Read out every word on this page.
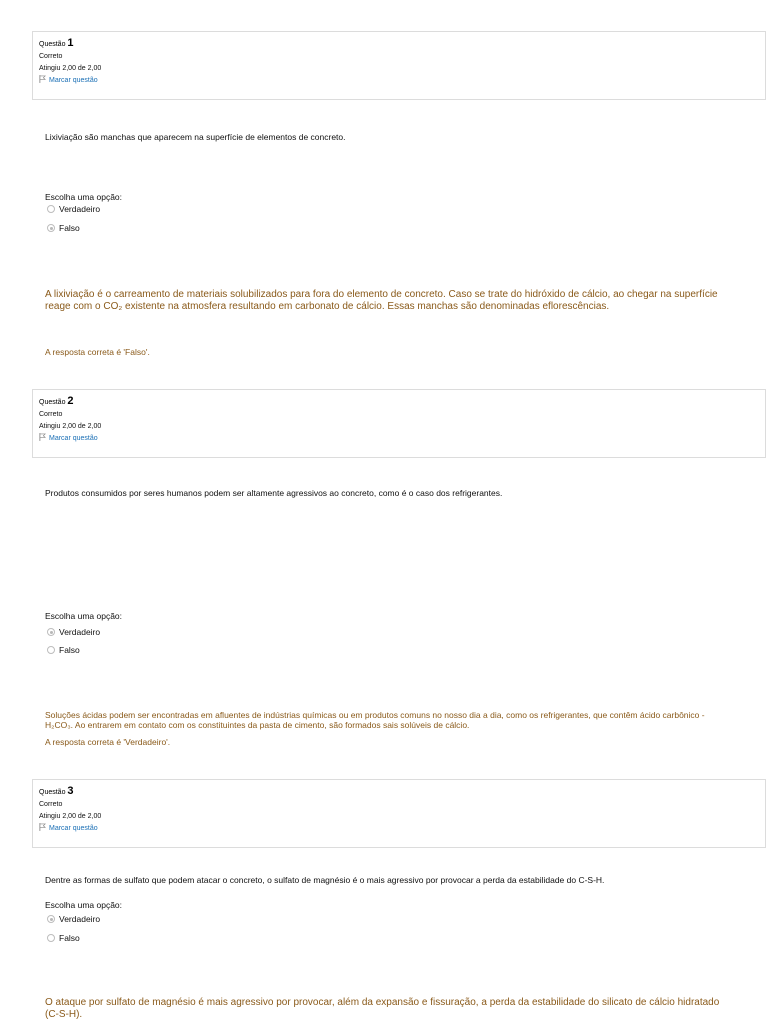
Questão 1
Correto
Atingiu 2,00 de 2,00
Marcar questão
Lixiviação são manchas que aparecem na superfície de elementos de concreto.
Escolha uma opção:
Verdadeiro
Falso
A lixiviação é o carreamento de materiais solubilizados para fora do elemento de concreto. Caso se trate do hidróxido de cálcio, ao chegar na superfície reage com o CO₂ existente na atmosfera resultando em carbonato de cálcio. Essas manchas são denominadas eflorescências.
A resposta correta é 'Falso'.
Questão 2
Correto
Atingiu 2,00 de 2,00
Marcar questão
Produtos consumidos por seres humanos podem ser altamente agressivos ao concreto, como é o caso dos refrigerantes.
Escolha uma opção:
Verdadeiro
Falso
Soluções ácidas podem ser encontradas em afluentes de indústrias químicas ou em produtos comuns no nosso dia a dia, como os refrigerantes, que contêm ácido carbônico - H₂CO₃. Ao entrarem em contato com os constituintes da pasta de cimento, são formados sais solúveis de cálcio.
A resposta correta é 'Verdadeiro'.
Questão 3
Correto
Atingiu 2,00 de 2,00
Marcar questão
Dentre as formas de sulfato que podem atacar o concreto, o sulfato de magnésio é o mais agressivo por provocar a perda da estabilidade do C-S-H.
Escolha uma opção:
Verdadeiro
Falso
O ataque por sulfato de magnésio é mais agressivo por provocar, além da expansão e fissuração, a perda da estabilidade do silicato de cálcio hidratado (C-S-H).
